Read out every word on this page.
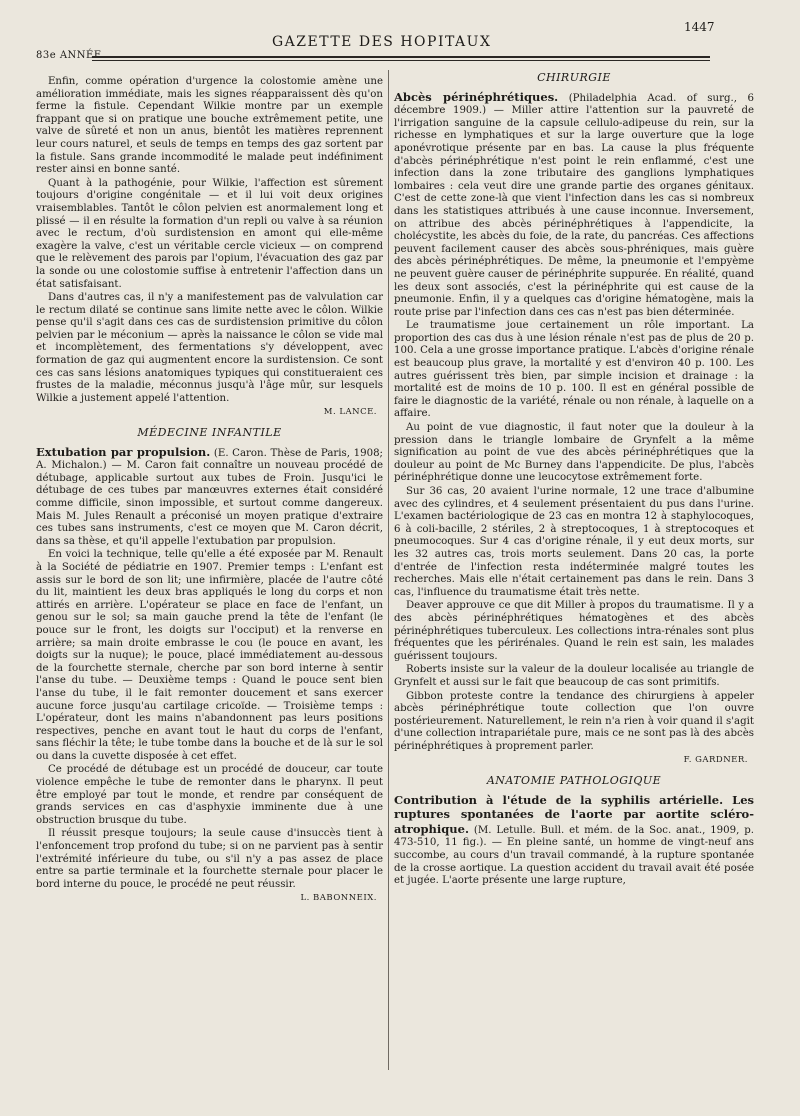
1447
GAZETTE DES HOPITAUX
83e ANNÉE.

Enfin, comme opération d'urgence la colostomie amène une amélioration immédiate, mais les signes réapparaissent dès qu'on ferme la fistule. Cependant Wilkie montre par un exemple frappant que si on pratique une bouche extrêmement petite, une valve de sûreté et non un anus, bientôt les matières reprennent leur cours naturel, et seuls de temps en temps des gaz sortent par la fistule. Sans grande incommodité le malade peut indéfiniment rester ainsi en bonne santé.

Quant à la pathogénie, pour Wilkie, l'affection est sûrement toujours d'origine congénitale — et il lui voit deux origines vraisemblables. Tantôt le côlon pelvien est anormalement long et plissé — il en résulte la formation d'un repli ou valve à sa réunion avec le rectum, d'où surdistension en amont qui elle-même exagère la valve, c'est un véritable cercle vicieux — on comprend que le relèvement des parois par l'opium, l'évacuation des gaz par la sonde ou une colostomie suffise à entretenir l'affection dans un état satisfaisant.

Dans d'autres cas, il n'y a manifestement pas de valvulation car le rectum dilaté se continue sans limite nette avec le côlon. Wilkie pense qu'il s'agit dans ces cas de surdistension primitive du côlon pelvien par le méconium — après la naissance le côlon se vide mal et incomplètement, des fermentations s'y développent, avec formation de gaz qui augmentent encore la surdistension. Ce sont ces cas sans lésions anatomiques typiques qui constitueraient ces frustes de la maladie, méconnus jusqu'à l'âge mûr, sur lesquels Wilkie a justement appelé l'attention.

M. LANCE.
MÉDECINE INFANTILE

Extubation par propulsion. (E. Caron. Thèse de Paris, 1908; A. Michalon.) — M. Caron fait connaître un nouveau procédé de détubage, applicable surtout aux tubes de Froin. Jusqu'ici le détubage de ces tubes par manœuvres externes était considéré comme difficile, sinon impossible, et surtout comme dangereux. Mais M. Jules Renault a préconisé un moyen pratique d'extraire ces tubes sans instruments, c'est ce moyen que M. Caron décrit, dans sa thèse, et qu'il appelle l'extubation par propulsion.

En voici la technique, telle qu'elle a été exposée par M. Renault à la Société de pédiatrie en 1907. Premier temps : L'enfant est assis sur le bord de son lit; une infirmière, placée de l'autre côté du lit, maintient les deux bras appliqués le long du corps et non attirés en arrière. L'opérateur se place en face de l'enfant, un genou sur le sol; sa main gauche prend la tête de l'enfant (le pouce sur le front, les doigts sur l'occiput) et la renverse en arrière; sa main droite embrasse le cou (le pouce en avant, les doigts sur la nuque); le pouce, placé immédiatement au-dessous de la fourchette sternale, cherche par son bord interne à sentir l'anse du tube. — Deuxième temps : Quand le pouce sent bien l'anse du tube, il le fait remonter doucement et sans exercer aucune force jusqu'au cartilage cricoïde. — Troisième temps : L'opérateur, dont les mains n'abandonnent pas leurs positions respectives, penche en avant tout le haut du corps de l'enfant, sans fléchir la tête; le tube tombe dans la bouche et de là sur le sol ou dans la cuvette disposée à cet effet.

Ce procédé de détubage est un procédé de douceur, car toute violence empêche le tube de remonter dans le pharynx. Il peut être employé par tout le monde, et rendre par conséquent de grands services en cas d'asphyxie imminente due à une obstruction brusque du tube.

Il réussit presque toujours; la seule cause d'insuccès tient à l'enfoncement trop profond du tube; si on ne parvient pas à sentir l'extrémité inférieure du tube, ou s'il n'y a pas assez de place entre sa partie terminale et la fourchette sternale pour placer le bord interne du pouce, le procédé ne peut réussir.

L. BABONNEIX.
CHIRURGIE

Abcès périnéphrétiques. (Philadelphia Acad. of surg., 6 décembre 1909.) — Miller attire l'attention sur la pauvreté de l'irrigation sanguine de la capsule cellulo-adipeuse du rein, sur la richesse en lymphatiques et sur la large ouverture que la loge aponévrotique présente par en bas. La cause la plus fréquente d'abcès périnéphrétique n'est point le rein enflammé, c'est une infection dans la zone tributaire des ganglions lymphatiques lombaires : cela veut dire une grande partie des organes génitaux. C'est de cette zone-là que vient l'infection dans les cas si nombreux dans les statistiques attribués à une cause inconnue. Inversement, on attribue des abcès périnéphrétiques à l'appendicite, la cholécystite, les abcès du foie, de la rate, du pancréas. Ces affections peuvent facilement causer des abcès sous-phréniques, mais guère des abcès périnéphrétiques. De même, la pneumonie et l'empyème ne peuvent guère causer de périnéphrite suppurée. En réalité, quand les deux sont associés, c'est la périnéphrite qui est cause de la pneumonie. Enfin, il y a quelques cas d'origine hématogène, mais la route prise par l'infection dans ces cas n'est pas bien déterminée.

Le traumatisme joue certainement un rôle important. La proportion des cas dus à une lésion rénale n'est pas de plus de 20 p. 100. Cela a une grosse importance pratique. L'abcès d'origine rénale est beaucoup plus grave, la mortalité y est d'environ 40 p. 100. Les autres guérissent très bien, par simple incision et drainage : la mortalité est de moins de 10 p. 100. Il est en général possible de faire le diagnostic de la variété, rénale ou non rénale, à laquelle on a affaire.

Au point de vue diagnostic, il faut noter que la douleur à la pression dans le triangle lombaire de Grynfelt a la même signification au point de vue des abcès périnéphrétiques que la douleur au point de Mc Burney dans l'appendicite. De plus, l'abcès périnéphrétique donne une leucocytose extrêmement forte.

Sur 36 cas, 20 avaient l'urine normale, 12 une trace d'albumine avec des cylindres, et 4 seulement présentaient du pus dans l'urine. L'examen bactériologique de 23 cas en montra 12 à staphylocoques, 6 à coli-bacille, 2 stériles, 2 à streptocoques, 1 à streptocoques et pneumocoques. Sur 4 cas d'origine rénale, il y eut deux morts, sur les 32 autres cas, trois morts seulement. Dans 20 cas, la porte d'entrée de l'infection resta indéterminée malgré toutes les recherches. Mais elle n'était certainement pas dans le rein. Dans 3 cas, l'influence du traumatisme était très nette.

Deaver approuve ce que dit Miller à propos du traumatisme. Il y a des abcès périnéphrétiques hématogènes et des abcès périnéphrétiques tuberculeux. Les collections intra-rénales sont plus fréquentes que les périrénales. Quand le rein est sain, les malades guérissent toujours.

Roberts insiste sur la valeur de la douleur localisée au triangle de Grynfelt et aussi sur le fait que beaucoup de cas sont primitifs.

Gibbon proteste contre la tendance des chirurgiens à appeler abcès périnéphrétique toute collection que l'on ouvre postérieurement. Naturellement, le rein n'a rien à voir quand il s'agit d'une collection intrapariétale pure, mais ce ne sont pas là des abcès périnéphrétiques à proprement parler.

F. GARDNER.
ANATOMIE PATHOLOGIQUE

Contribution à l'étude de la syphilis artérielle. Les ruptures spontanées de l'aorte par aortite scléro-atrophique. (M. Letulle. Bull. et mém. de la Soc. anat., 1909, p. 473-510, 11 fig.). — En pleine santé, un homme de vingt-neuf ans succombe, au cours d'un travail commandé, à la rupture spontanée de la crosse aortique. La question accident du travail avait été posée et jugée. L'aorte présente une large rupture,
